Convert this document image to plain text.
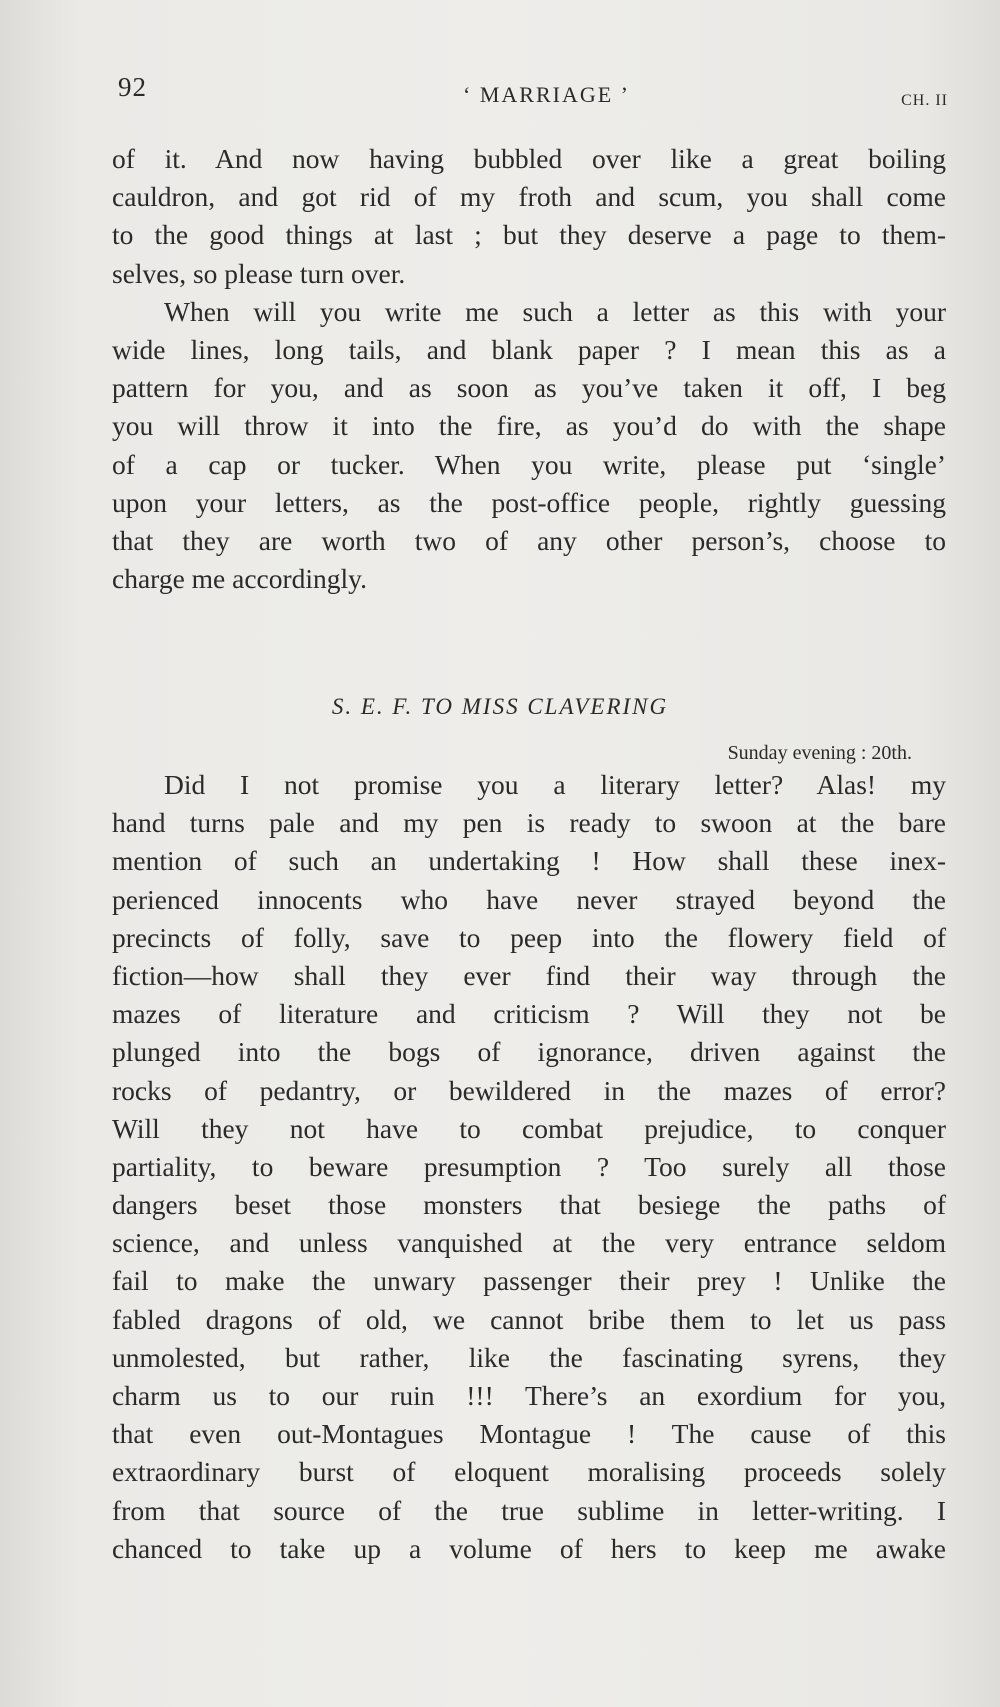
92	‘ MARRIAGE ’	CH. II
of it. And now having bubbled over like a great boiling
cauldron, and got rid of my froth and scum, you shall come
to the good things at last ; but they deserve a page to them-
selves, so please turn over.
When will you write me such a letter as this with your
wide lines, long tails, and blank paper ? I mean this as a
pattern for you, and as soon as you’ve taken it off, I beg
you will throw it into the fire, as you’d do with the shape
of a cap or tucker. When you write, please put ‘single’
upon your letters, as the post-office people, rightly guessing
that they are worth two of any other person’s, choose to
charge me accordingly.
S. E. F. TO MISS CLAVERING
Sunday evening : 20th.
Did I not promise you a literary letter? Alas! my
hand turns pale and my pen is ready to swoon at the bare
mention of such an undertaking ! How shall these inex-
perienced innocents who have never strayed beyond the
precincts of folly, save to peep into the flowery field of
fiction—how shall they ever find their way through the
mazes of literature and criticism ? Will they not be
plunged into the bogs of ignorance, driven against the
rocks of pedantry, or bewildered in the mazes of error?
Will they not have to combat prejudice, to conquer
partiality, to beware presumption ? Too surely all those
dangers beset those monsters that besiege the paths of
science, and unless vanquished at the very entrance seldom
fail to make the unwary passenger their prey ! Unlike the
fabled dragons of old, we cannot bribe them to let us pass
unmolested, but rather, like the fascinating syrens, they
charm us to our ruin !!! There’s an exordium for you,
that even out-Montagues Montague ! The cause of this
extraordinary burst of eloquent moralising proceeds solely
from that source of the true sublime in letter-writing. I
chanced to take up a volume of hers to keep me awake
